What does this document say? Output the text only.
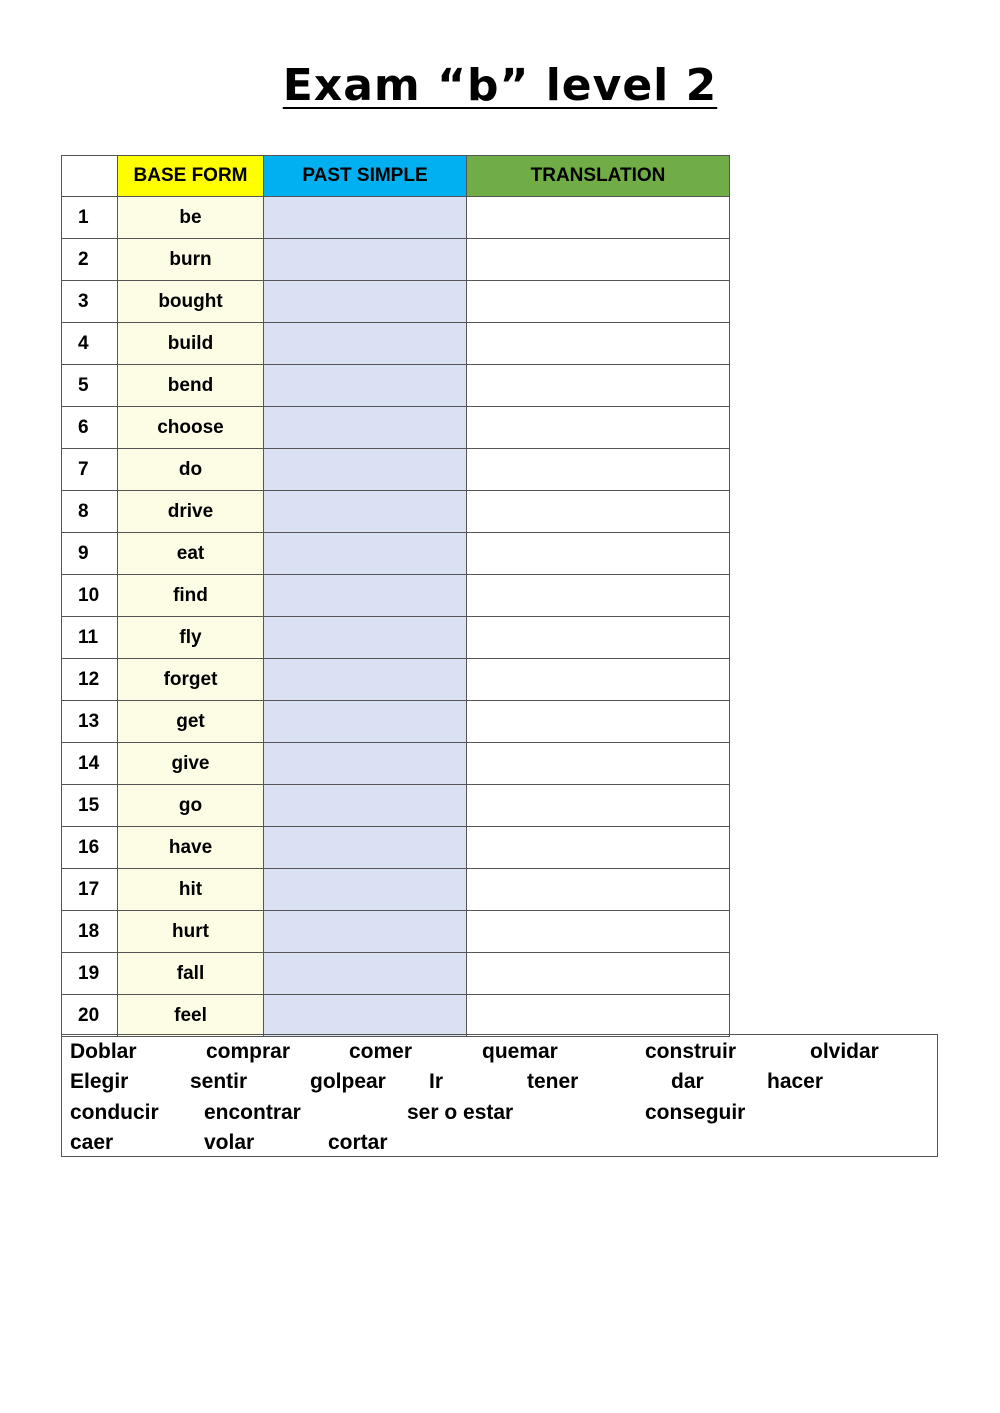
Exam “b” level 2
	BASE FORM	PAST SIMPLE	TRANSLATION
1	be		
2	burn		
3	bought		
4	build		
5	bend		
6	choose		
7	do		
8	drive		
9	eat		
10	find		
11	fly		
12	forget		
13	get		
14	give		
15	go		
16	have		
17	hit		
18	hurt		
19	fall		
20	feel		
Doblar	comprar	comer	quemar	construir	olvidar
Elegir	sentir	golpear Ir	tener	dar	hacer
conducir encontrar	ser o estar	conseguir
caer	volar	cortar
